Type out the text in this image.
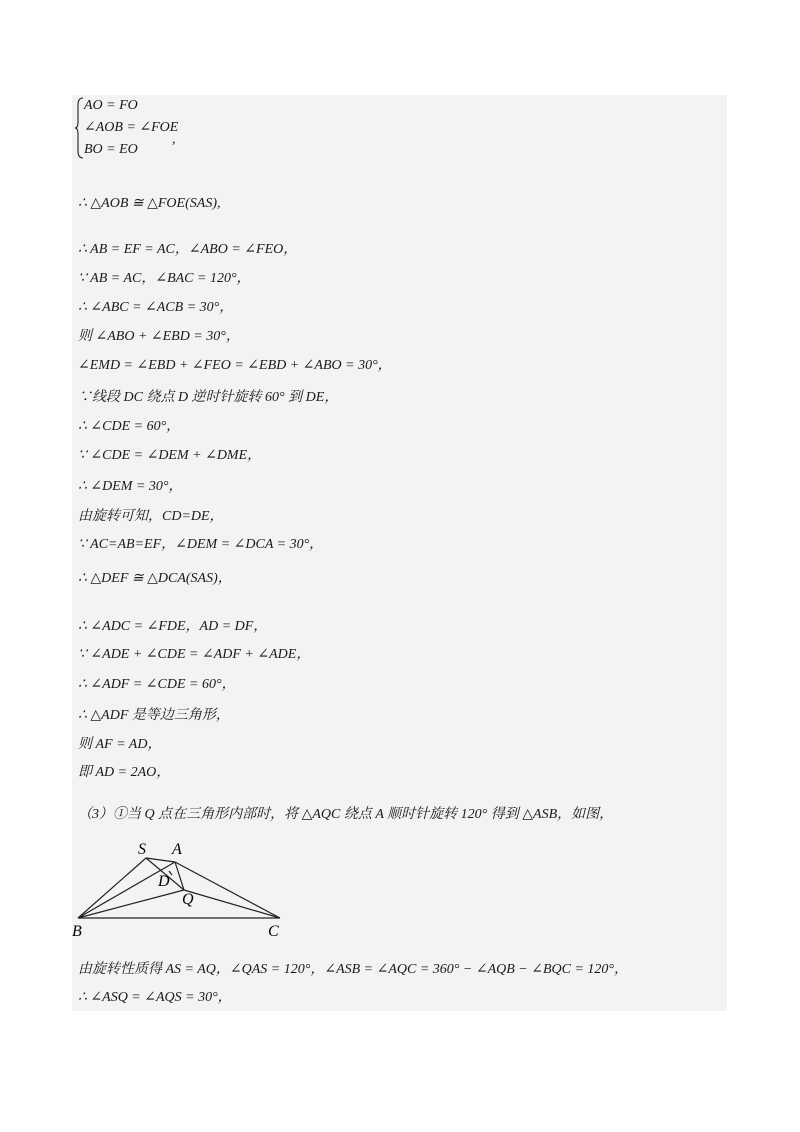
AO = FO
∠AOB = ∠FOE
BO = EO
,
∴ △AOB ≅ △FOE(SAS),
∴ AB = EF = AC，∠ABO = ∠FEO，
∵ AB = AC，∠BAC = 120°，
∴ ∠ABC = ∠ACB = 30°，
则 ∠ABO + ∠EBD = 30°，
∠EMD = ∠EBD + ∠FEO = ∠EBD + ∠ABO = 30°，
∵线段 DC 绕点 D 逆时针旋转 60° 到 DE，
∴ ∠CDE = 60°，
∵ ∠CDE = ∠DEM + ∠DME，
∴ ∠DEM = 30°，
由旋转可知，CD=DE，
∵ AC=AB=EF，∠DEM = ∠DCA = 30°，
∴ △DEF ≅ △DCA(SAS)，
∴ ∠ADC = ∠FDE，AD = DF，
∵ ∠ADE + ∠CDE = ∠ADF + ∠ADE，
∴ ∠ADF = ∠CDE = 60°，
∴ △ADF 是等边三角形，
则 AF = AD，
即 AD = 2AO，
（3）①当 Q 点在三角形内部时，将 △AQC 绕点 A 顺时针旋转 120° 得到 △ASB，如图，
S A
D
Q
B	C
由旋转性质得 AS = AQ，∠QAS = 120°，∠ASB = ∠AQC = 360° − ∠AQB − ∠BQC = 120°，
∴ ∠ASQ = ∠AQS = 30°，
